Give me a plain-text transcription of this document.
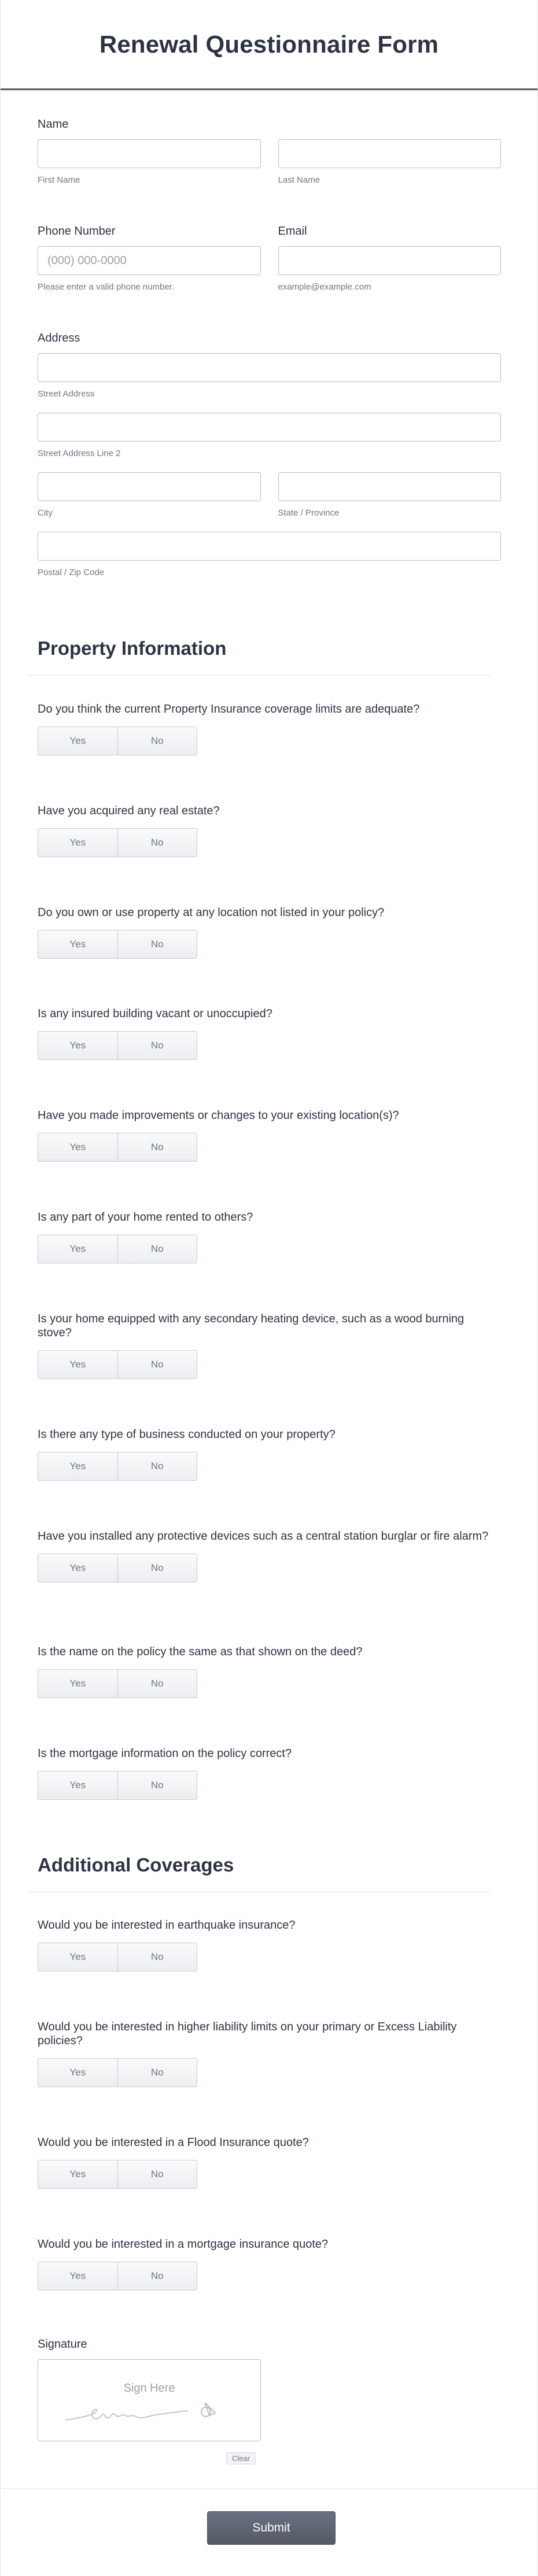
Renewal Questionnaire Form
Name
First Name	Last Name
Phone Number
(000) 000-0000
Please enter a valid phone number.
Email
example@example.com
Address
Street Address
Street Address Line 2
City	State / Province
Postal / Zip Code
Property Information
Do you think the current Property Insurance coverage limits are adequate?
Yes	No
Have you acquired any real estate?
Yes	No
Do you own or use property at any location not listed in your policy?
Yes	No
Is any insured building vacant or unoccupied?
Yes	No
Have you made improvements or changes to your existing location(s)?
Yes	No
Is any part of your home rented to others?
Yes	No
Is your home equipped with any secondary heating device, such as a wood burning stove?
Yes	No
Is there any type of business conducted on your property?
Yes	No
Have you installed any protective devices such as a central station burglar or fire alarm?
Yes	No
Is the name on the policy the same as that shown on the deed?
Yes	No
Is the mortgage information on the policy correct?
Yes	No
Additional Coverages
Would you be interested in earthquake insurance?
Yes	No
Would you be interested in higher liability limits on your primary or Excess Liability policies?
Yes	No
Would you be interested in a Flood Insurance quote?
Yes	No
Would you be interested in a mortgage insurance quote?
Yes	No
Signature
Sign Here
Clear
Submit
